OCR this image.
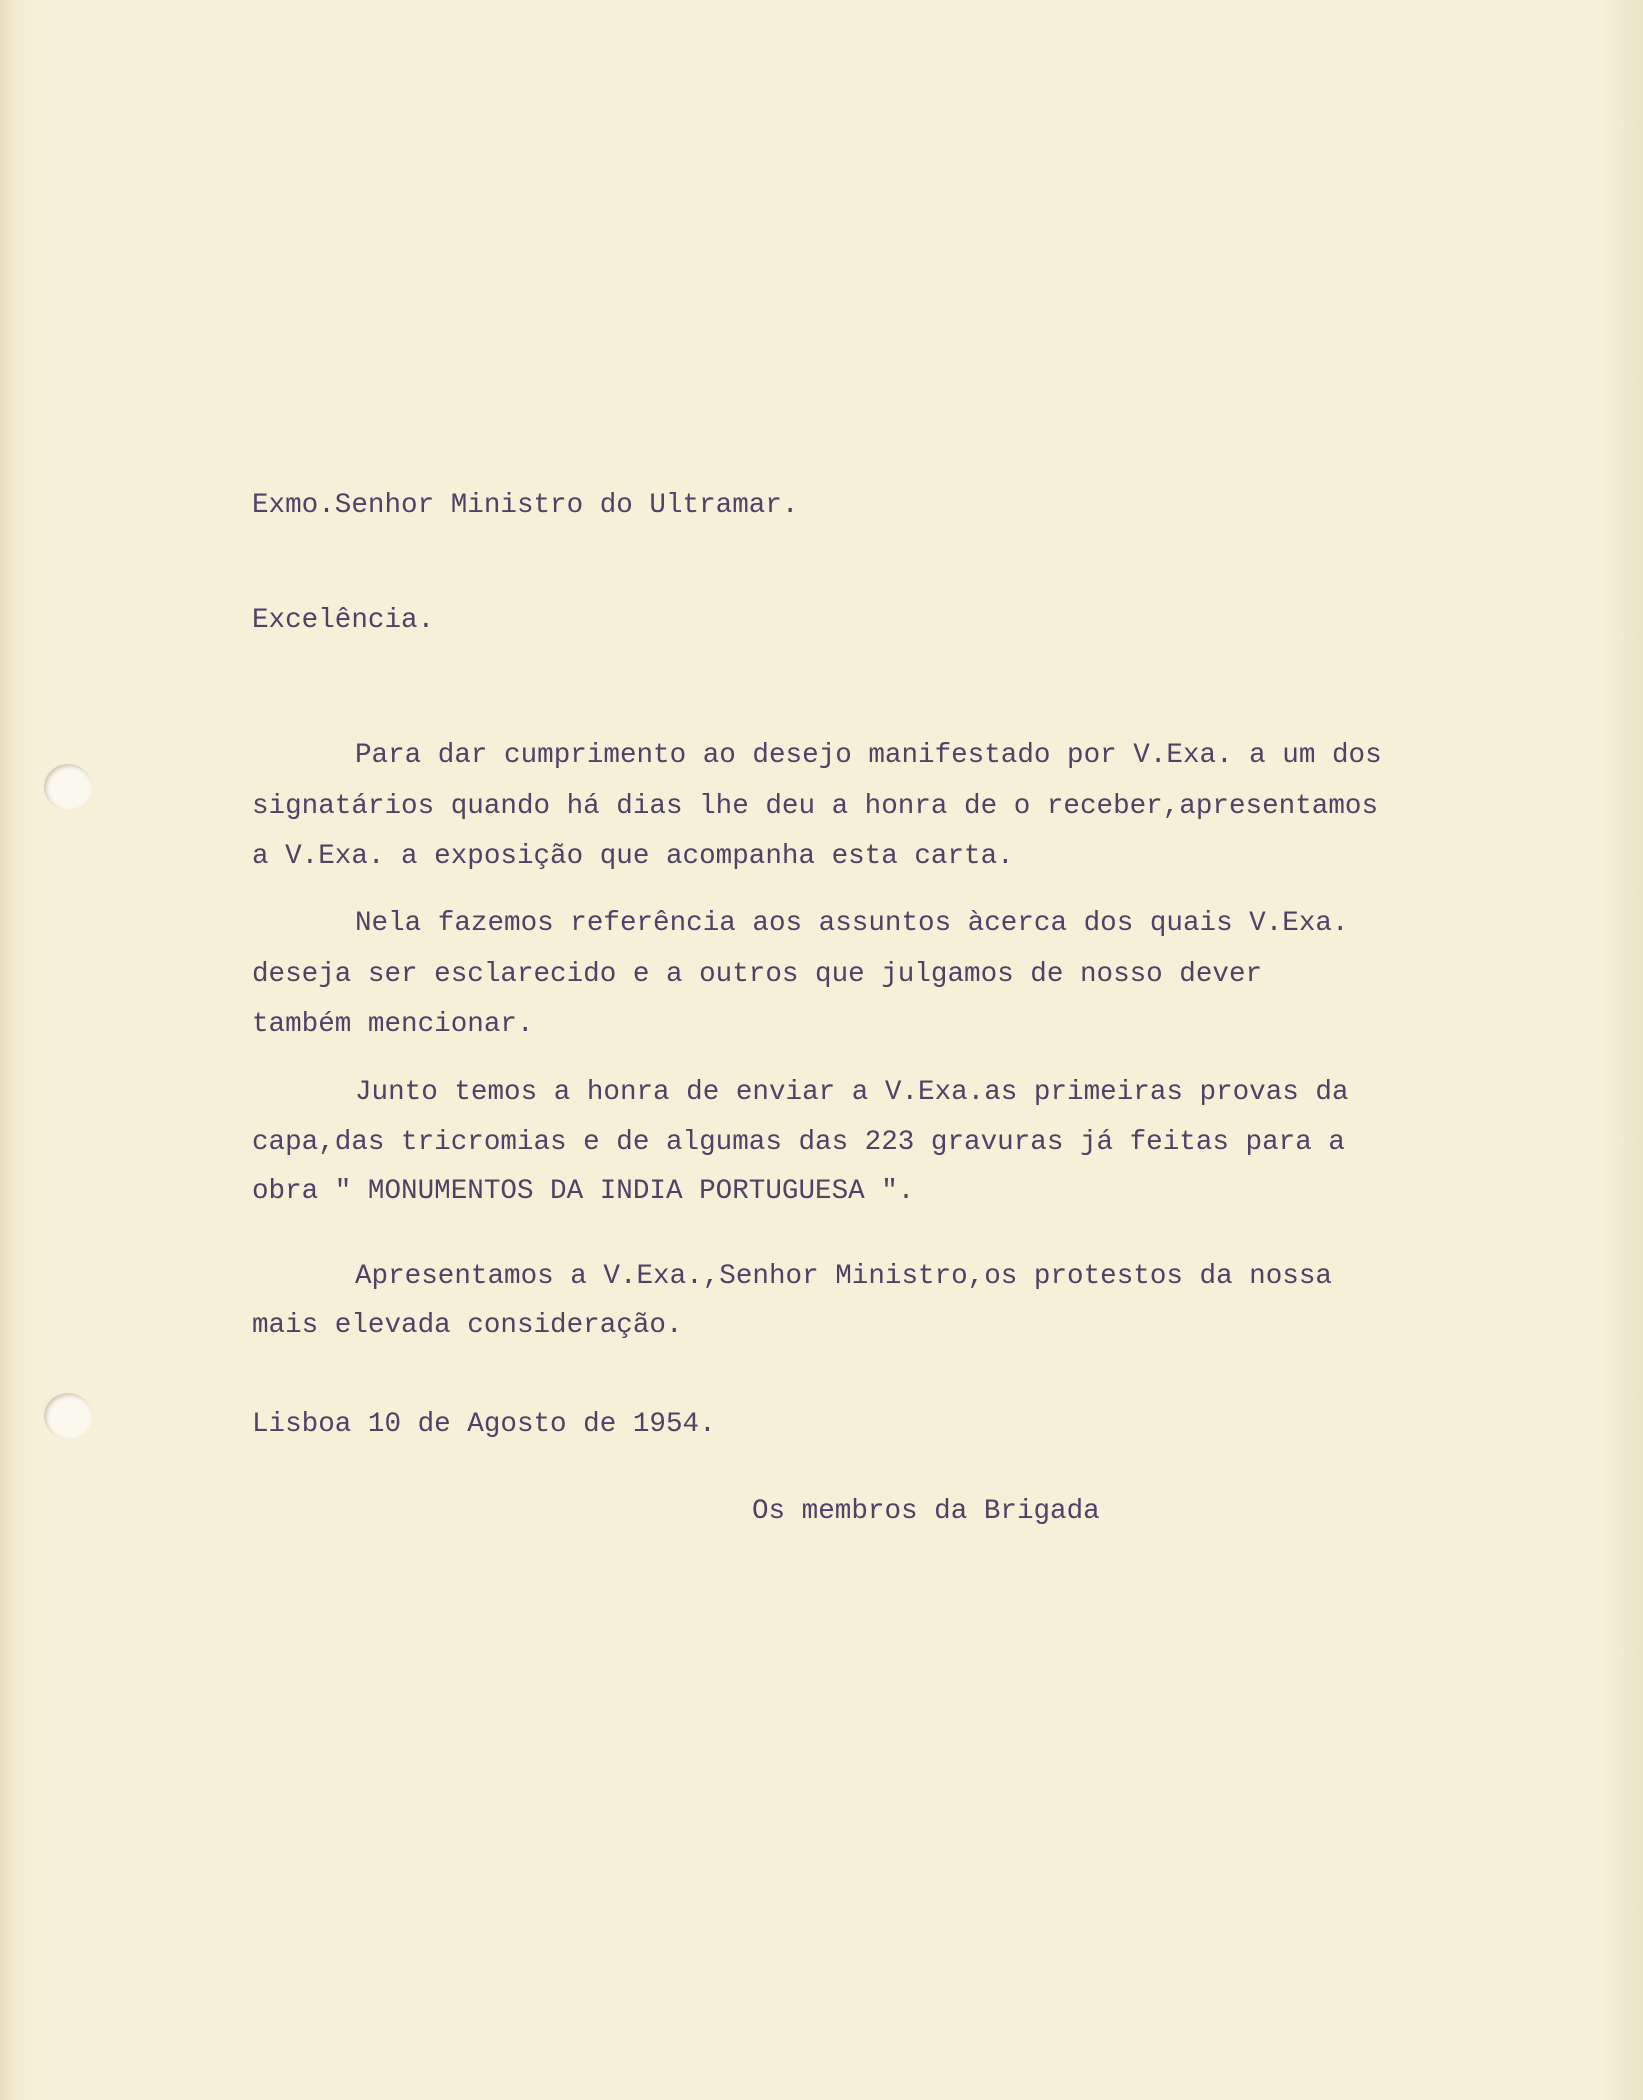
Exmo.Senhor Ministro do Ultramar.
Excelência.
Para dar cumprimento ao desejo manifestado por V.Exa. a um dos
signatários quando há dias lhe deu a honra de o receber,apresentamos
a V.Exa. a exposição que acompanha esta carta.
Nela fazemos referência aos assuntos àcerca dos quais V.Exa.
deseja ser esclarecido e a outros que julgamos de nosso dever
também mencionar.
Junto temos a honra de enviar a V.Exa.as primeiras provas da
capa,das tricromias e de algumas das 223 gravuras já feitas para a
obra " MONUMENTOS DA INDIA PORTUGUESA ".
Apresentamos a V.Exa.,Senhor Ministro,os protestos da nossa
mais elevada consideração.
Lisboa 10 de Agosto de 1954.
Os membros da Brigada
